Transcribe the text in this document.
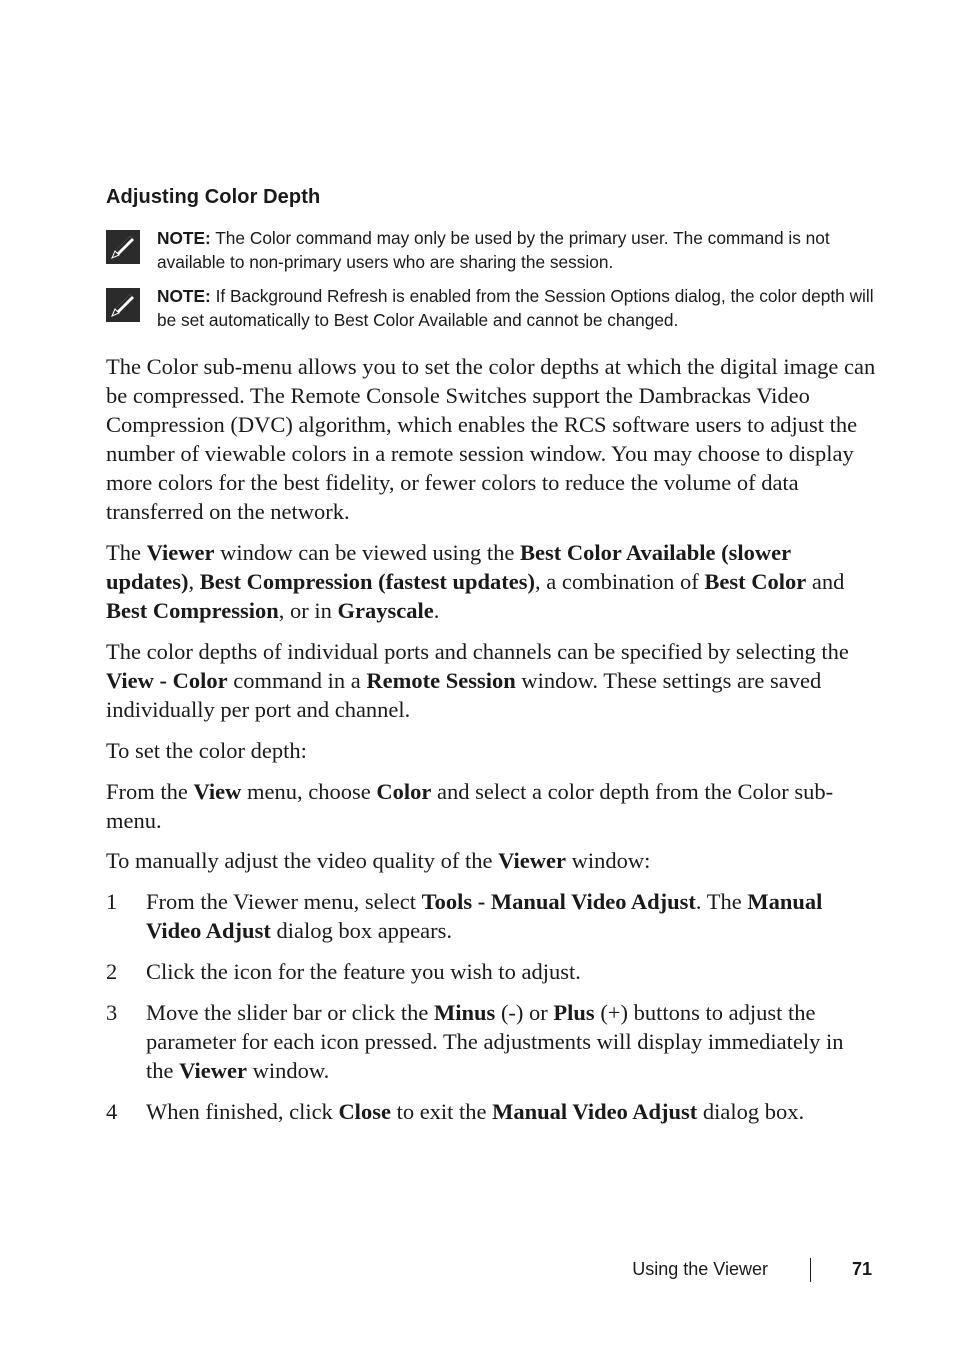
Adjusting Color Depth
NOTE: The Color command may only be used by the primary user. The command is not available to non-primary users who are sharing the session.
NOTE: If Background Refresh is enabled from the Session Options dialog, the color depth will be set automatically to Best Color Available and cannot be changed.

The Color sub-menu allows you to set the color depths at which the digital image can be compressed. The Remote Console Switches support the Dambrackas Video Compression (DVC) algorithm, which enables the RCS software users to adjust the number of viewable colors in a remote session window. You may choose to display more colors for the best fidelity, or fewer colors to reduce the volume of data transferred on the network.

The Viewer window can be viewed using the Best Color Available (slower updates), Best Compression (fastest updates), a combination of Best Color and Best Compression, or in Grayscale.

The color depths of individual ports and channels can be specified by selecting the View - Color command in a Remote Session window. These settings are saved individually per port and channel.

To set the color depth:

From the View menu, choose Color and select a color depth from the Color sub-menu.

To manually adjust the video quality of the Viewer window:

1 From the Viewer menu, select Tools - Manual Video Adjust. The Manual Video Adjust dialog box appears.
2 Click the icon for the feature you wish to adjust.
3 Move the slider bar or click the Minus (-) or Plus (+) buttons to adjust the parameter for each icon pressed. The adjustments will display immediately in the Viewer window.
4 When finished, click Close to exit the Manual Video Adjust dialog box.
Using the Viewer	71
